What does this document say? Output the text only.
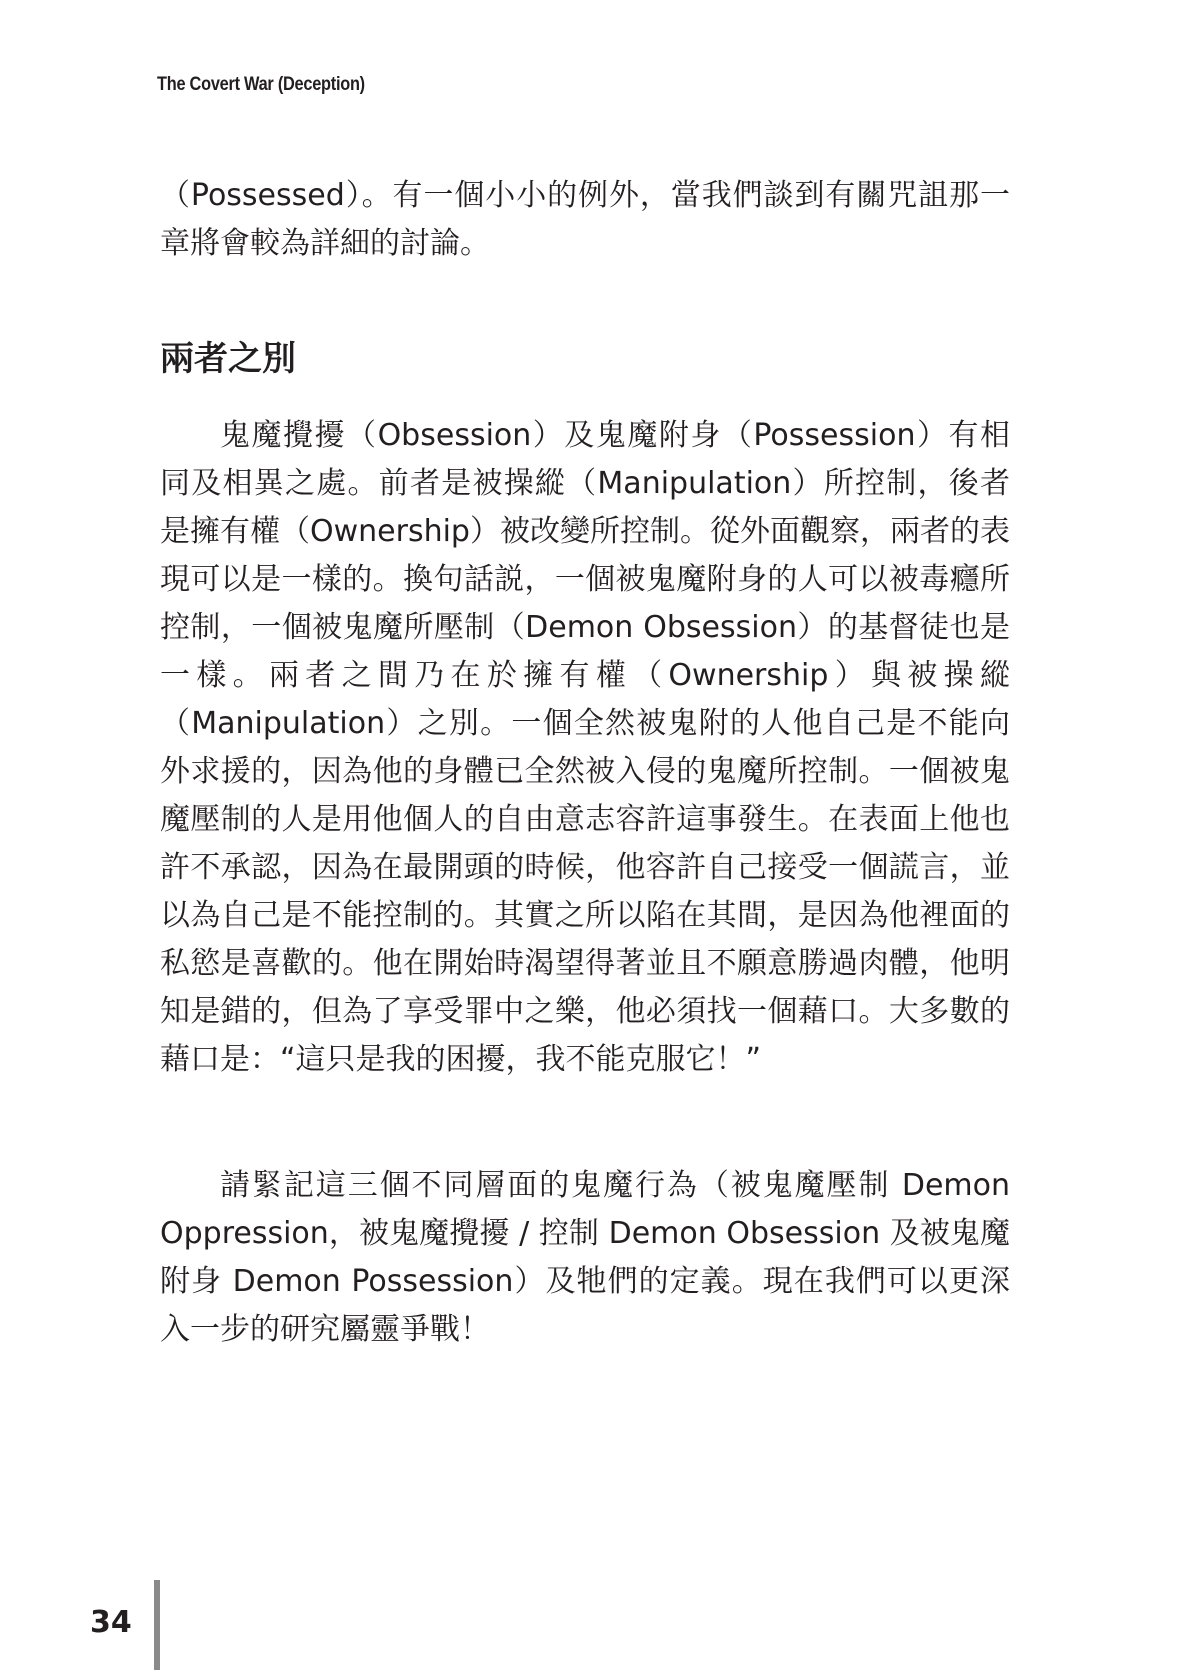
The Covert War (Deception)

（Possessed）。有一個小小的例外，當我們談到有關咒詛那一章將會較為詳細的討論。

兩者之別

鬼魔攪擾（Obsession）及鬼魔附身（Possession）有相同及相異之處。前者是被操縱（Manipulation）所控制，後者是擁有權（Ownership）被改變所控制。從外面觀察，兩者的表現可以是一樣的。換句話説，一個被鬼魔附身的人可以被毒癮所控制，一個被鬼魔所壓制（Demon Obsession）的基督徒也是一樣。兩者之間乃在於擁有權（Ownership）與被操縱（Manipulation）之別。一個全然被鬼附的人他自己是不能向外求援的，因為他的身體已全然被入侵的鬼魔所控制。一個被鬼魔壓制的人是用他個人的自由意志容許這事發生。在表面上他也許不承認，因為在最開頭的時候，他容許自己接受一個謊言，並以為自己是不能控制的。其實之所以陷在其間，是因為他裡面的私慾是喜歡的。他在開始時渴望得著並且不願意勝過肉體，他明知是錯的，但為了享受罪中之樂，他必須找一個藉口。大多數的藉口是：“這只是我的困擾，我不能克服它！”

請緊記這三個不同層面的鬼魔行為（被鬼魔壓制 Demon Oppression，被鬼魔攪擾 / 控制 Demon Obsession 及被鬼魔附身 Demon Possession）及牠們的定義。現在我們可以更深入一步的研究屬靈爭戰！

34
